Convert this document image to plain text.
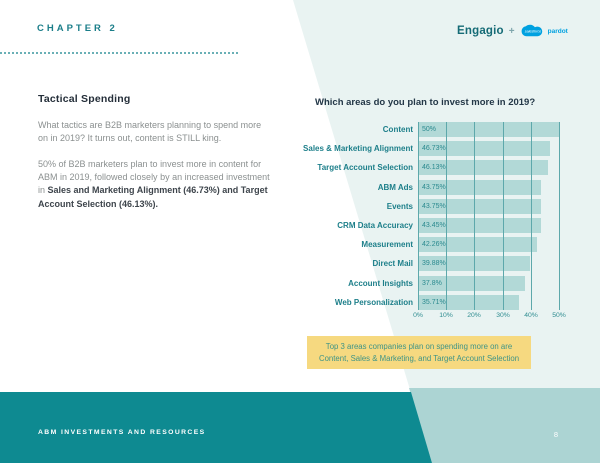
CHAPTER 2	Engagio +	salesforce pardot
Tactical Spending

What tactics are B2B marketers planning to spend more on in 2019? It turns out, content is STILL king.

50% of B2B marketers plan to invest more in content for ABM in 2019, followed closely by an increased investment in Sales and Marketing Alignment (46.73%) and Target Account Selection (46.13%).

Which areas do you plan to invest more in 2019?
Content 50%
Sales & Marketing Alignment 46.73%
Target Account Selection 46.13%
ABM Ads 43.75%
Events 43.75%
CRM Data Accuracy 43.45%
Measurement 42.26%
Direct Mail 39.88%
Account Insights 37.8%
Web Personalization 35.71%
0%	10%	20%	30%	40%	50%
Top 3 areas companies plan on spending more on are Content, Sales & Marketing, and Target Account Selection
ABM INVESTMENTS AND RESOURCES	8
